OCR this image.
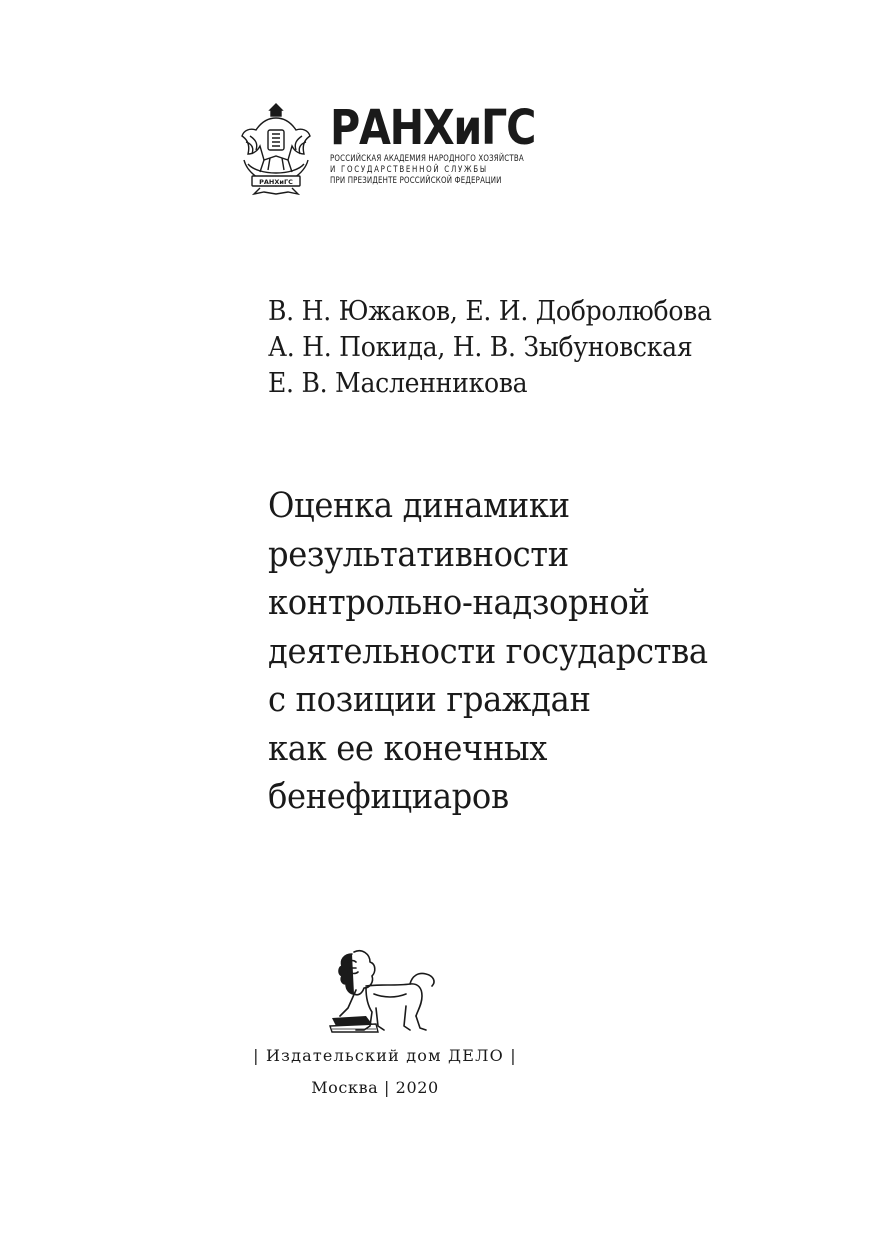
РАНХиГС
РАНХиГС
РОССИЙСКАЯ АКАДЕМИЯ НАРОДНОГО ХОЗЯЙСТВА
И ГОСУДАРСТВЕННОЙ СЛУЖБЫ
ПРИ ПРЕЗИДЕНТЕ РОССИЙСКОЙ ФЕДЕРАЦИИ
В. Н. Южаков, Е. И. Добролюбова
А. Н. Покида, Н. В. Зыбуновская
Е. В. Масленникова
Оценка динамики
результативности
контрольно-надзорной
деятельности государства
с позиции граждан
как ее конечных
бенефициаров
| Издательский дом ДЕЛО |
Москва | 2020
